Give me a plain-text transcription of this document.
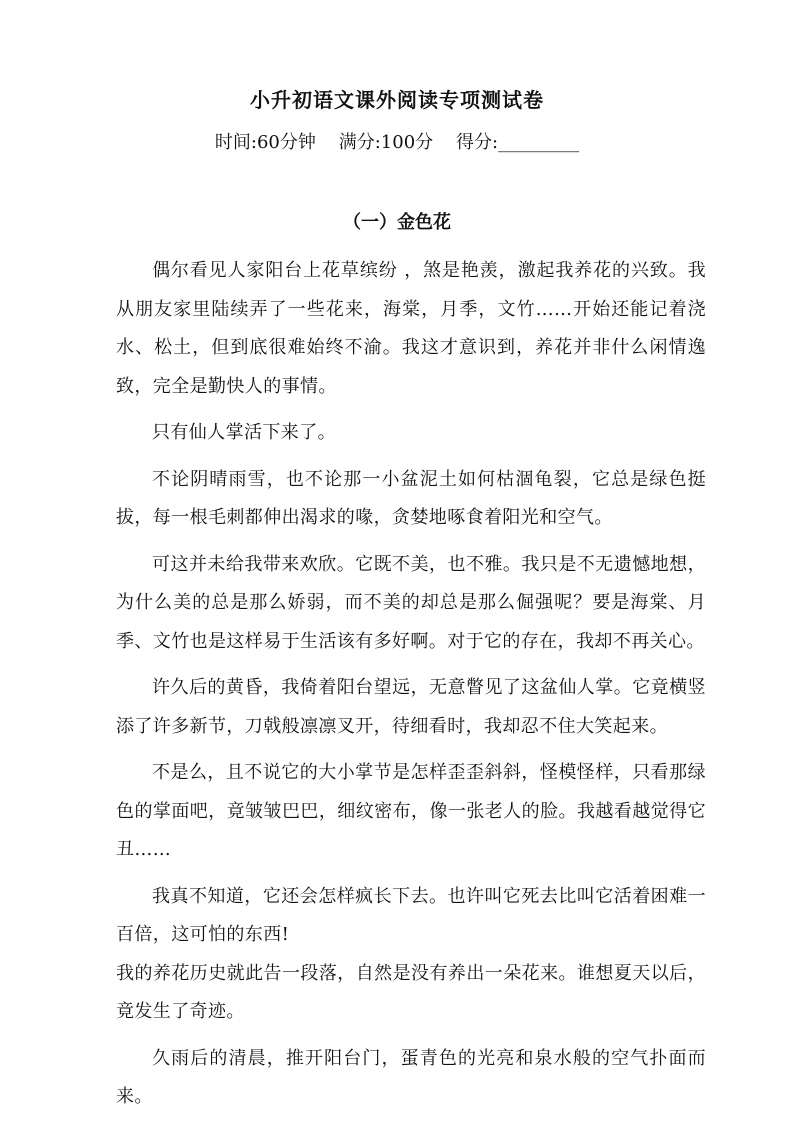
小升初语文课外阅读专项测试卷
时间:60分钟    满分:100分    得分:_________
（一）金色花

偶尔看见人家阳台上花草缤纷 ，煞是艳羡，激起我养花的兴致。我从朋友家里陆续弄了一些花来，海棠，月季，文竹……开始还能记着浇水、松土，但到底很难始终不渝。我这才意识到，养花并非什么闲情逸致，完全是勤快人的事情。

只有仙人掌活下来了。

不论阴晴雨雪，也不论那一小盆泥土如何枯涸龟裂，它总是绿色挺拔，每一根毛刺都伸出渴求的喙，贪婪地啄食着阳光和空气。

可这并未给我带来欢欣。它既不美，也不雅。我只是不无遗憾地想，为什么美的总是那么娇弱，而不美的却总是那么倔强呢？要是海棠、月季、文竹也是这样易于生活该有多好啊。对于它的存在，我却不再关心。

许久后的黄昏，我倚着阳台望远，无意瞥见了这盆仙人掌。它竟横竖添了许多新节，刀戟般凛凛叉开，待细看时，我却忍不住大笑起来。

不是么，且不说它的大小掌节是怎样歪歪斜斜，怪模怪样，只看那绿色的掌面吧，竟皱皱巴巴，细纹密布，像一张老人的脸。我越看越觉得它丑……

我真不知道，它还会怎样疯长下去。也许叫它死去比叫它活着困难一百倍，这可怕的东西!

我的养花历史就此告一段落，自然是没有养出一朵花来。谁想夏天以后，竟发生了奇迹。

久雨后的清晨，推开阳台门，蛋青色的光亮和泉水般的空气扑面而来。
